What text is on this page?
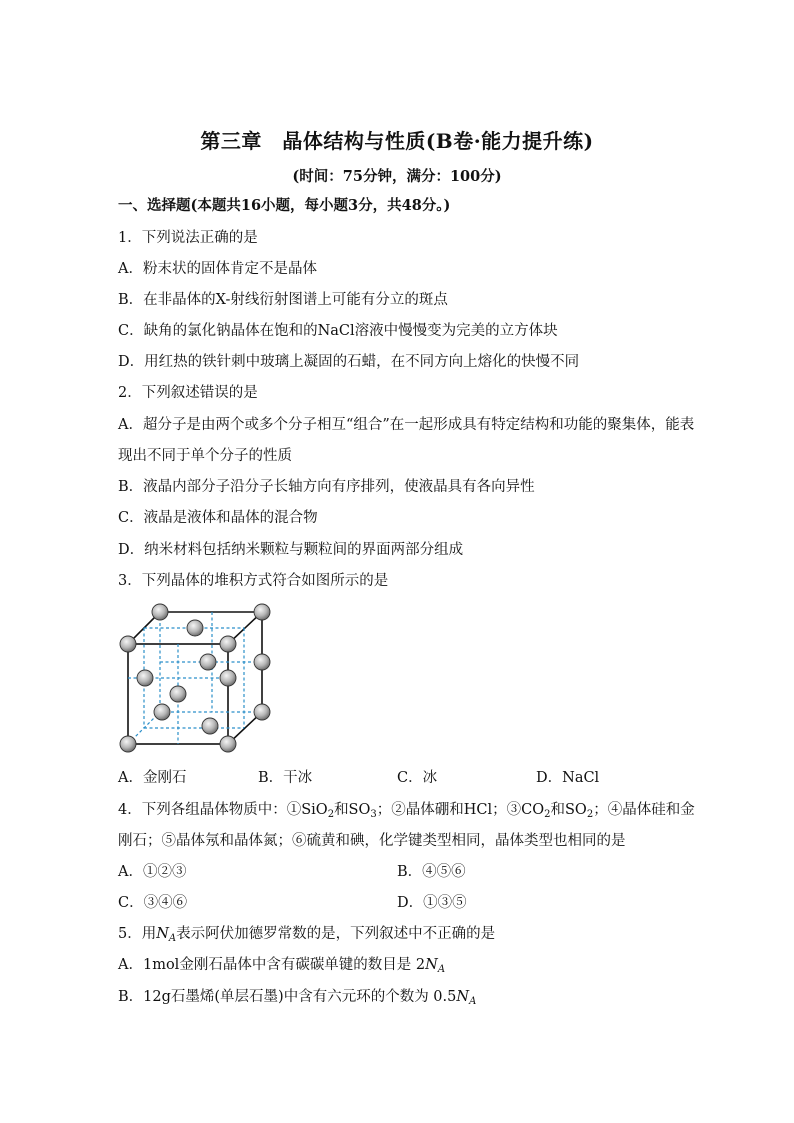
第三章　晶体结构与性质(B卷·能力提升练)
(时间：75分钟，满分：100分)
一、选择题(本题共16小题，每小题3分，共48分。)
1．下列说法正确的是
A．粉末状的固体肯定不是晶体
B．在非晶体的X-射线衍射图谱上可能有分立的斑点
C．缺角的氯化钠晶体在饱和的NaCl溶液中慢慢变为完美的立方体块
D．用红热的铁针刺中玻璃上凝固的石蜡，在不同方向上熔化的快慢不同
2．下列叙述错误的是
A．超分子是由两个或多个分子相互“组合”在一起形成具有特定结构和功能的聚集体，能表
现出不同于单个分子的性质
B．液晶内部分子沿分子长轴方向有序排列，使液晶具有各向异性
C．液晶是液体和晶体的混合物
D．纳米材料包括纳米颗粒与颗粒间的界面两部分组成
3．下列晶体的堆积方式符合如图所示的是
A．金刚石	B．干冰	C．冰	D．NaCl
4．下列各组晶体物质中：①SiO$_2$和$SO_3$；②晶体硼和HCl；$③CO_2$和$SO_2$；④晶体硅和金
刚石；⑤晶体氖和晶体氮；⑥硫黄和碘，化学键类型相同，晶体类型也相同的是
A．①②③	B．④⑤⑥
C．③④⑥	D．①③⑤
5．用$N_A$表示阿伏加德罗常数的是，下列叙述中不正确的是
A．1mol金刚石晶体中含有碳碳单键的数目是 $2N_A$
B．12g石墨烯(单层石墨)中含有六元环的个数为 $0.5N_A$
